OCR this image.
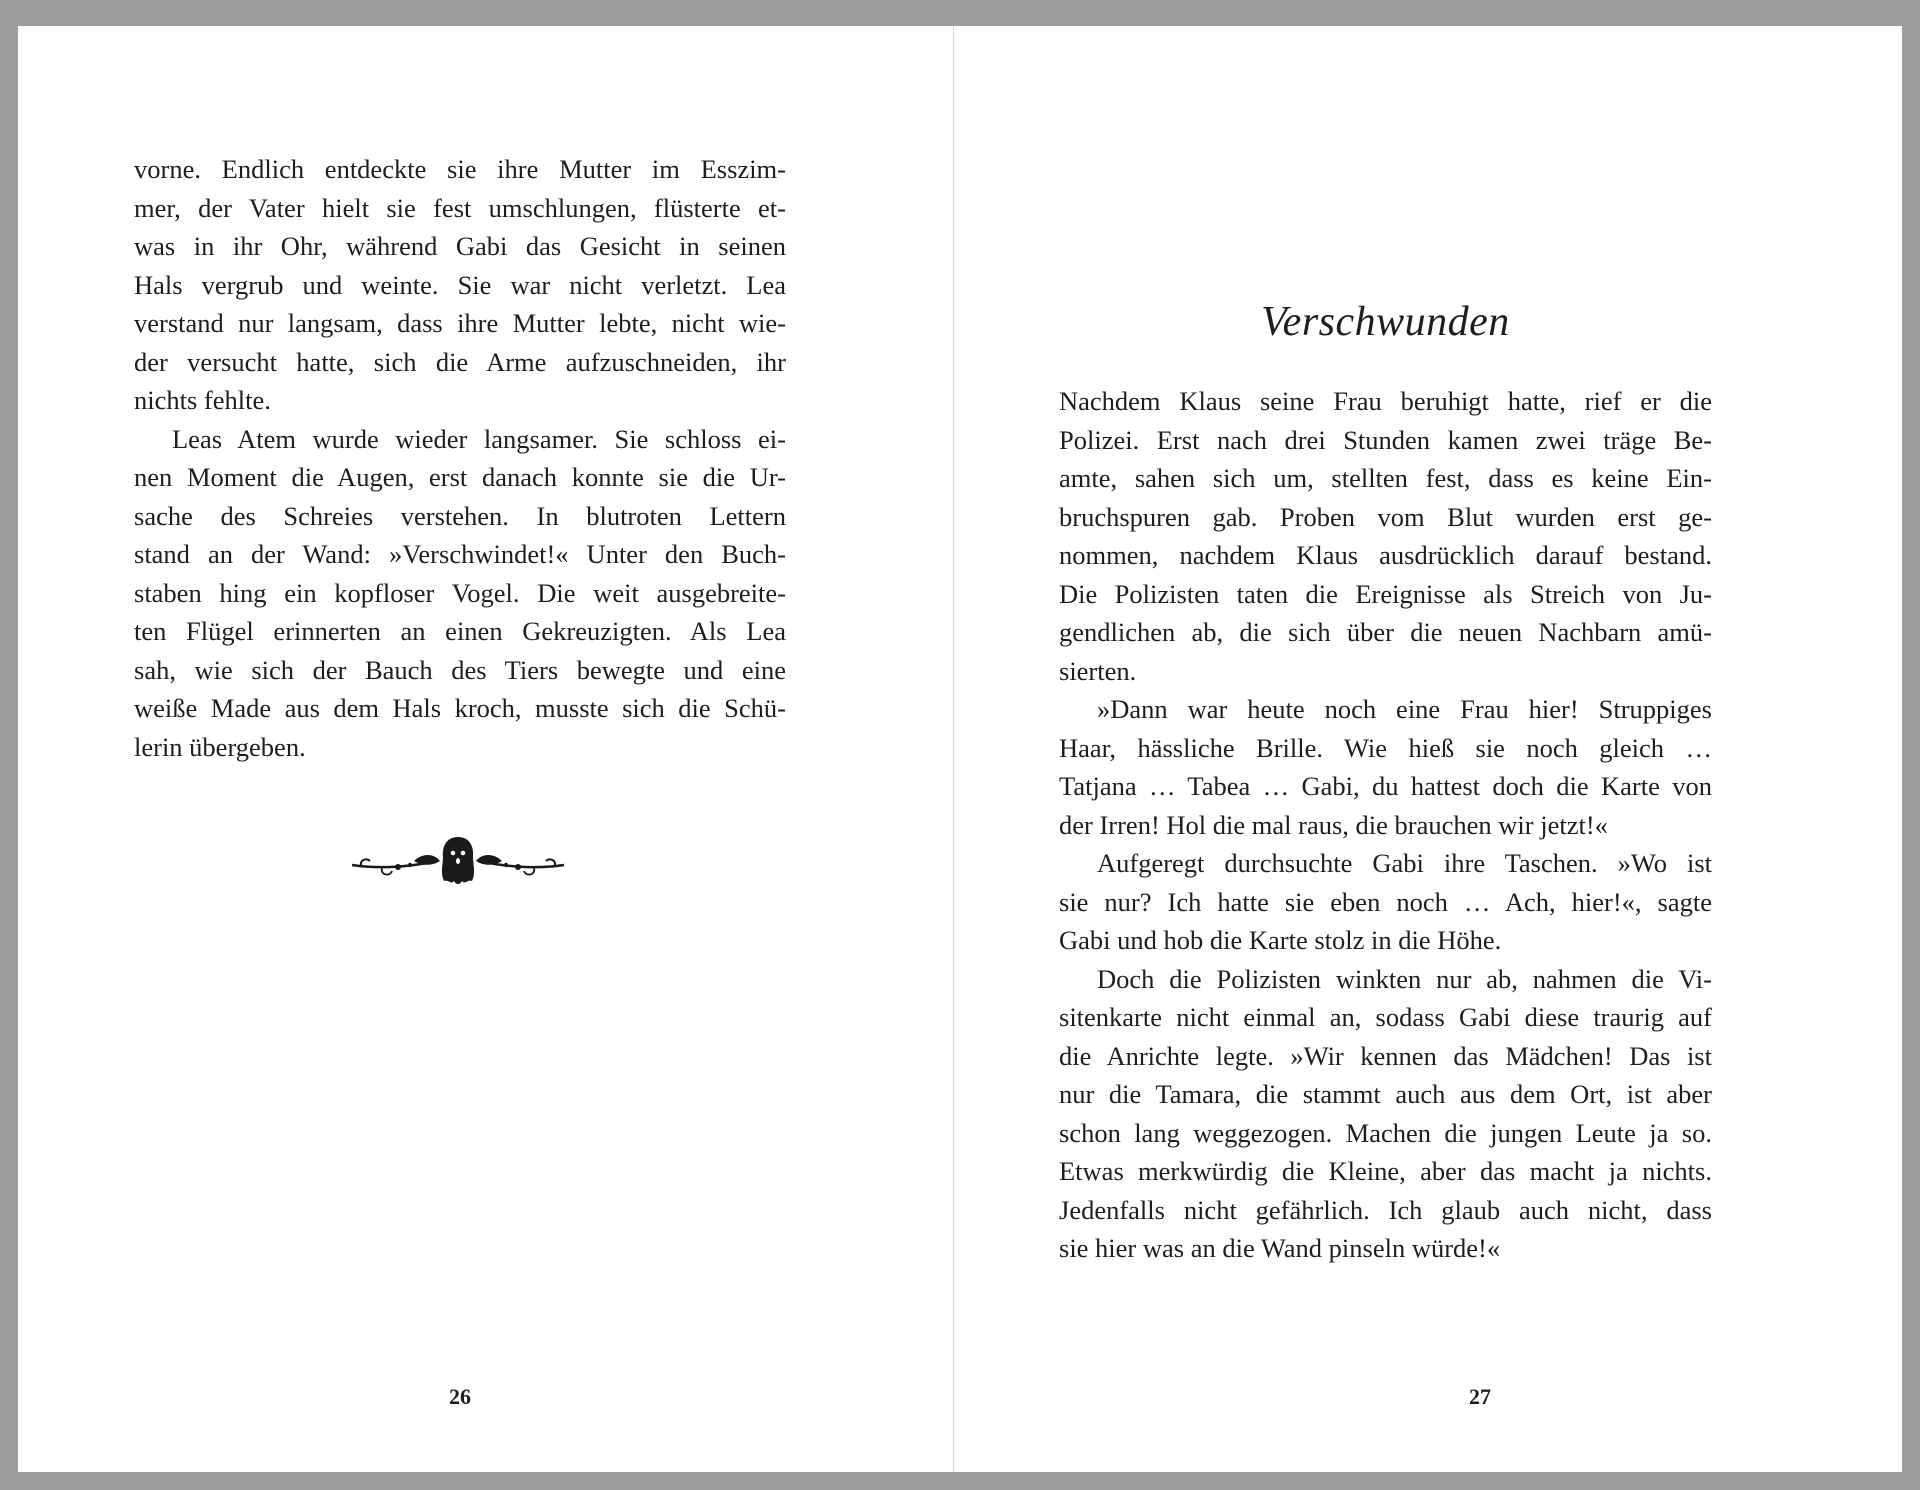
vorne. Endlich entdeckte sie ihre Mutter im Esszim-
mer, der Vater hielt sie fest umschlungen, flüsterte et-
was in ihr Ohr, während Gabi das Gesicht in seinen
Hals vergrub und weinte. Sie war nicht verletzt. Lea
verstand nur langsam, dass ihre Mutter lebte, nicht wie-
der versucht hatte, sich die Arme aufzuschneiden, ihr
nichts fehlte.
Leas Atem wurde wieder langsamer. Sie schloss ei-
nen Moment die Augen, erst danach konnte sie die Ur-
sache des Schreies verstehen. In blutroten Lettern
stand an der Wand: »Verschwindet!« Unter den Buch-
staben hing ein kopfloser Vogel. Die weit ausgebreite-
ten Flügel erinnerten an einen Gekreuzigten. Als Lea
sah, wie sich der Bauch des Tiers bewegte und eine
weiße Made aus dem Hals kroch, musste sich die Schü-
lerin übergeben.
26
Verschwunden
Nachdem Klaus seine Frau beruhigt hatte, rief er die
Polizei. Erst nach drei Stunden kamen zwei träge Be-
amte, sahen sich um, stellten fest, dass es keine Ein-
bruchspuren gab. Proben vom Blut wurden erst ge-
nommen, nachdem Klaus ausdrücklich darauf bestand.
Die Polizisten taten die Ereignisse als Streich von Ju-
gendlichen ab, die sich über die neuen Nachbarn amü-
sierten.
»Dann war heute noch eine Frau hier! Struppiges
Haar, hässliche Brille. Wie hieß sie noch gleich …
Tatjana … Tabea … Gabi, du hattest doch die Karte von
der Irren! Hol die mal raus, die brauchen wir jetzt!«
Aufgeregt durchsuchte Gabi ihre Taschen. »Wo ist
sie nur? Ich hatte sie eben noch … Ach, hier!«, sagte
Gabi und hob die Karte stolz in die Höhe.
Doch die Polizisten winkten nur ab, nahmen die Vi-
sitenkarte nicht einmal an, sodass Gabi diese traurig auf
die Anrichte legte. »Wir kennen das Mädchen! Das ist
nur die Tamara, die stammt auch aus dem Ort, ist aber
schon lang weggezogen. Machen die jungen Leute ja so.
Etwas merkwürdig die Kleine, aber das macht ja nichts.
Jedenfalls nicht gefährlich. Ich glaub auch nicht, dass
sie hier was an die Wand pinseln würde!«
27
